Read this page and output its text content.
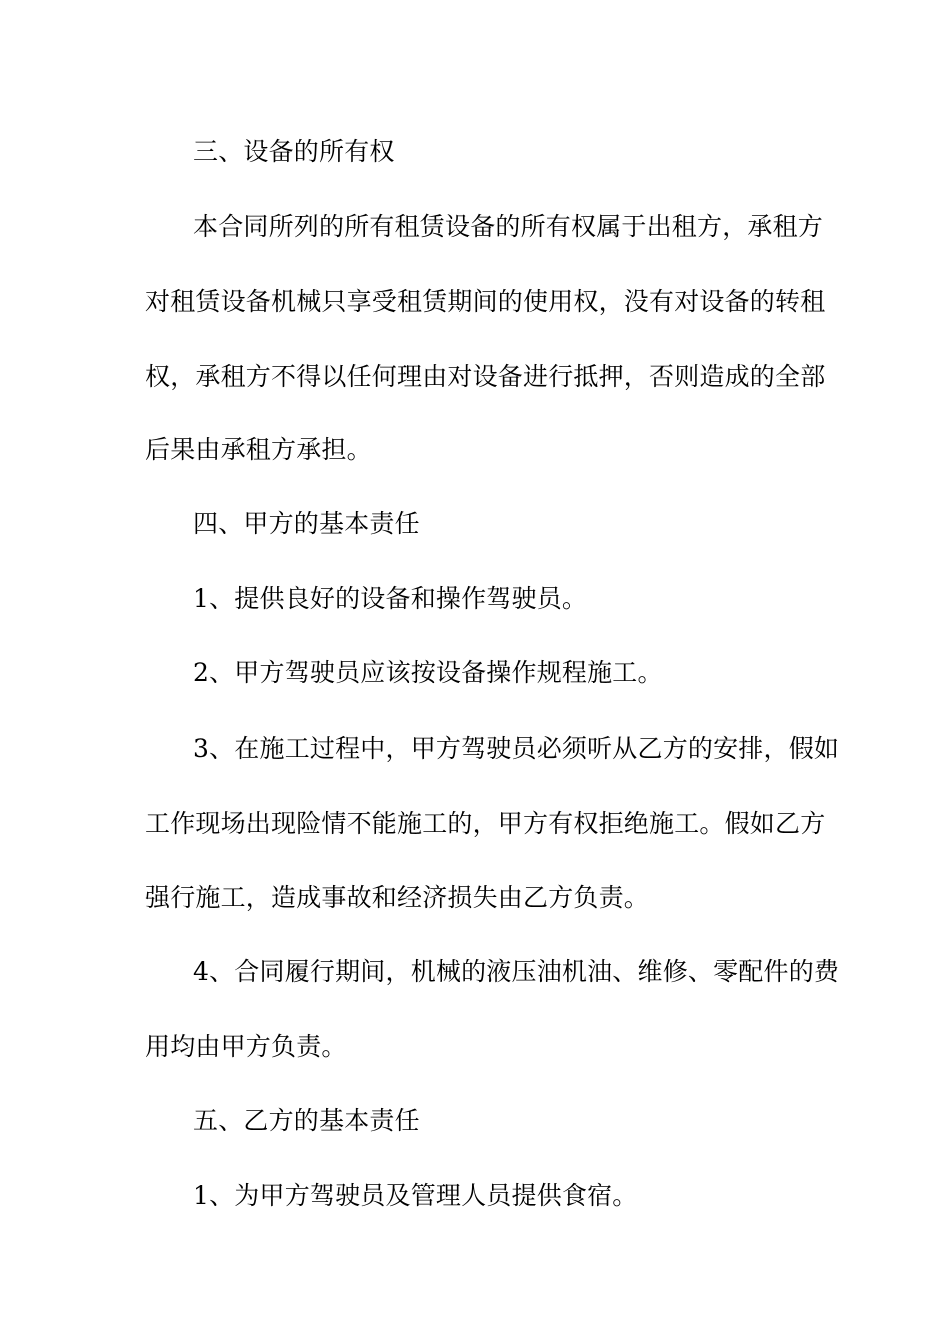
三、设备的所有权
本合同所列的所有租赁设备的所有权属于出租方，承租方
对租赁设备机械只享受租赁期间的使用权，没有对设备的转租
权，承租方不得以任何理由对设备进行抵押，否则造成的全部
后果由承租方承担。
四、甲方的基本责任
1、提供良好的设备和操作驾驶员。
2、甲方驾驶员应该按设备操作规程施工。
3、在施工过程中，甲方驾驶员必须听从乙方的安排，假如
工作现场出现险情不能施工的，甲方有权拒绝施工。假如乙方
强行施工，造成事故和经济损失由乙方负责。
4、合同履行期间，机械的液压油机油、维修、零配件的费
用均由甲方负责。
五、乙方的基本责任
1、为甲方驾驶员及管理人员提供食宿。
